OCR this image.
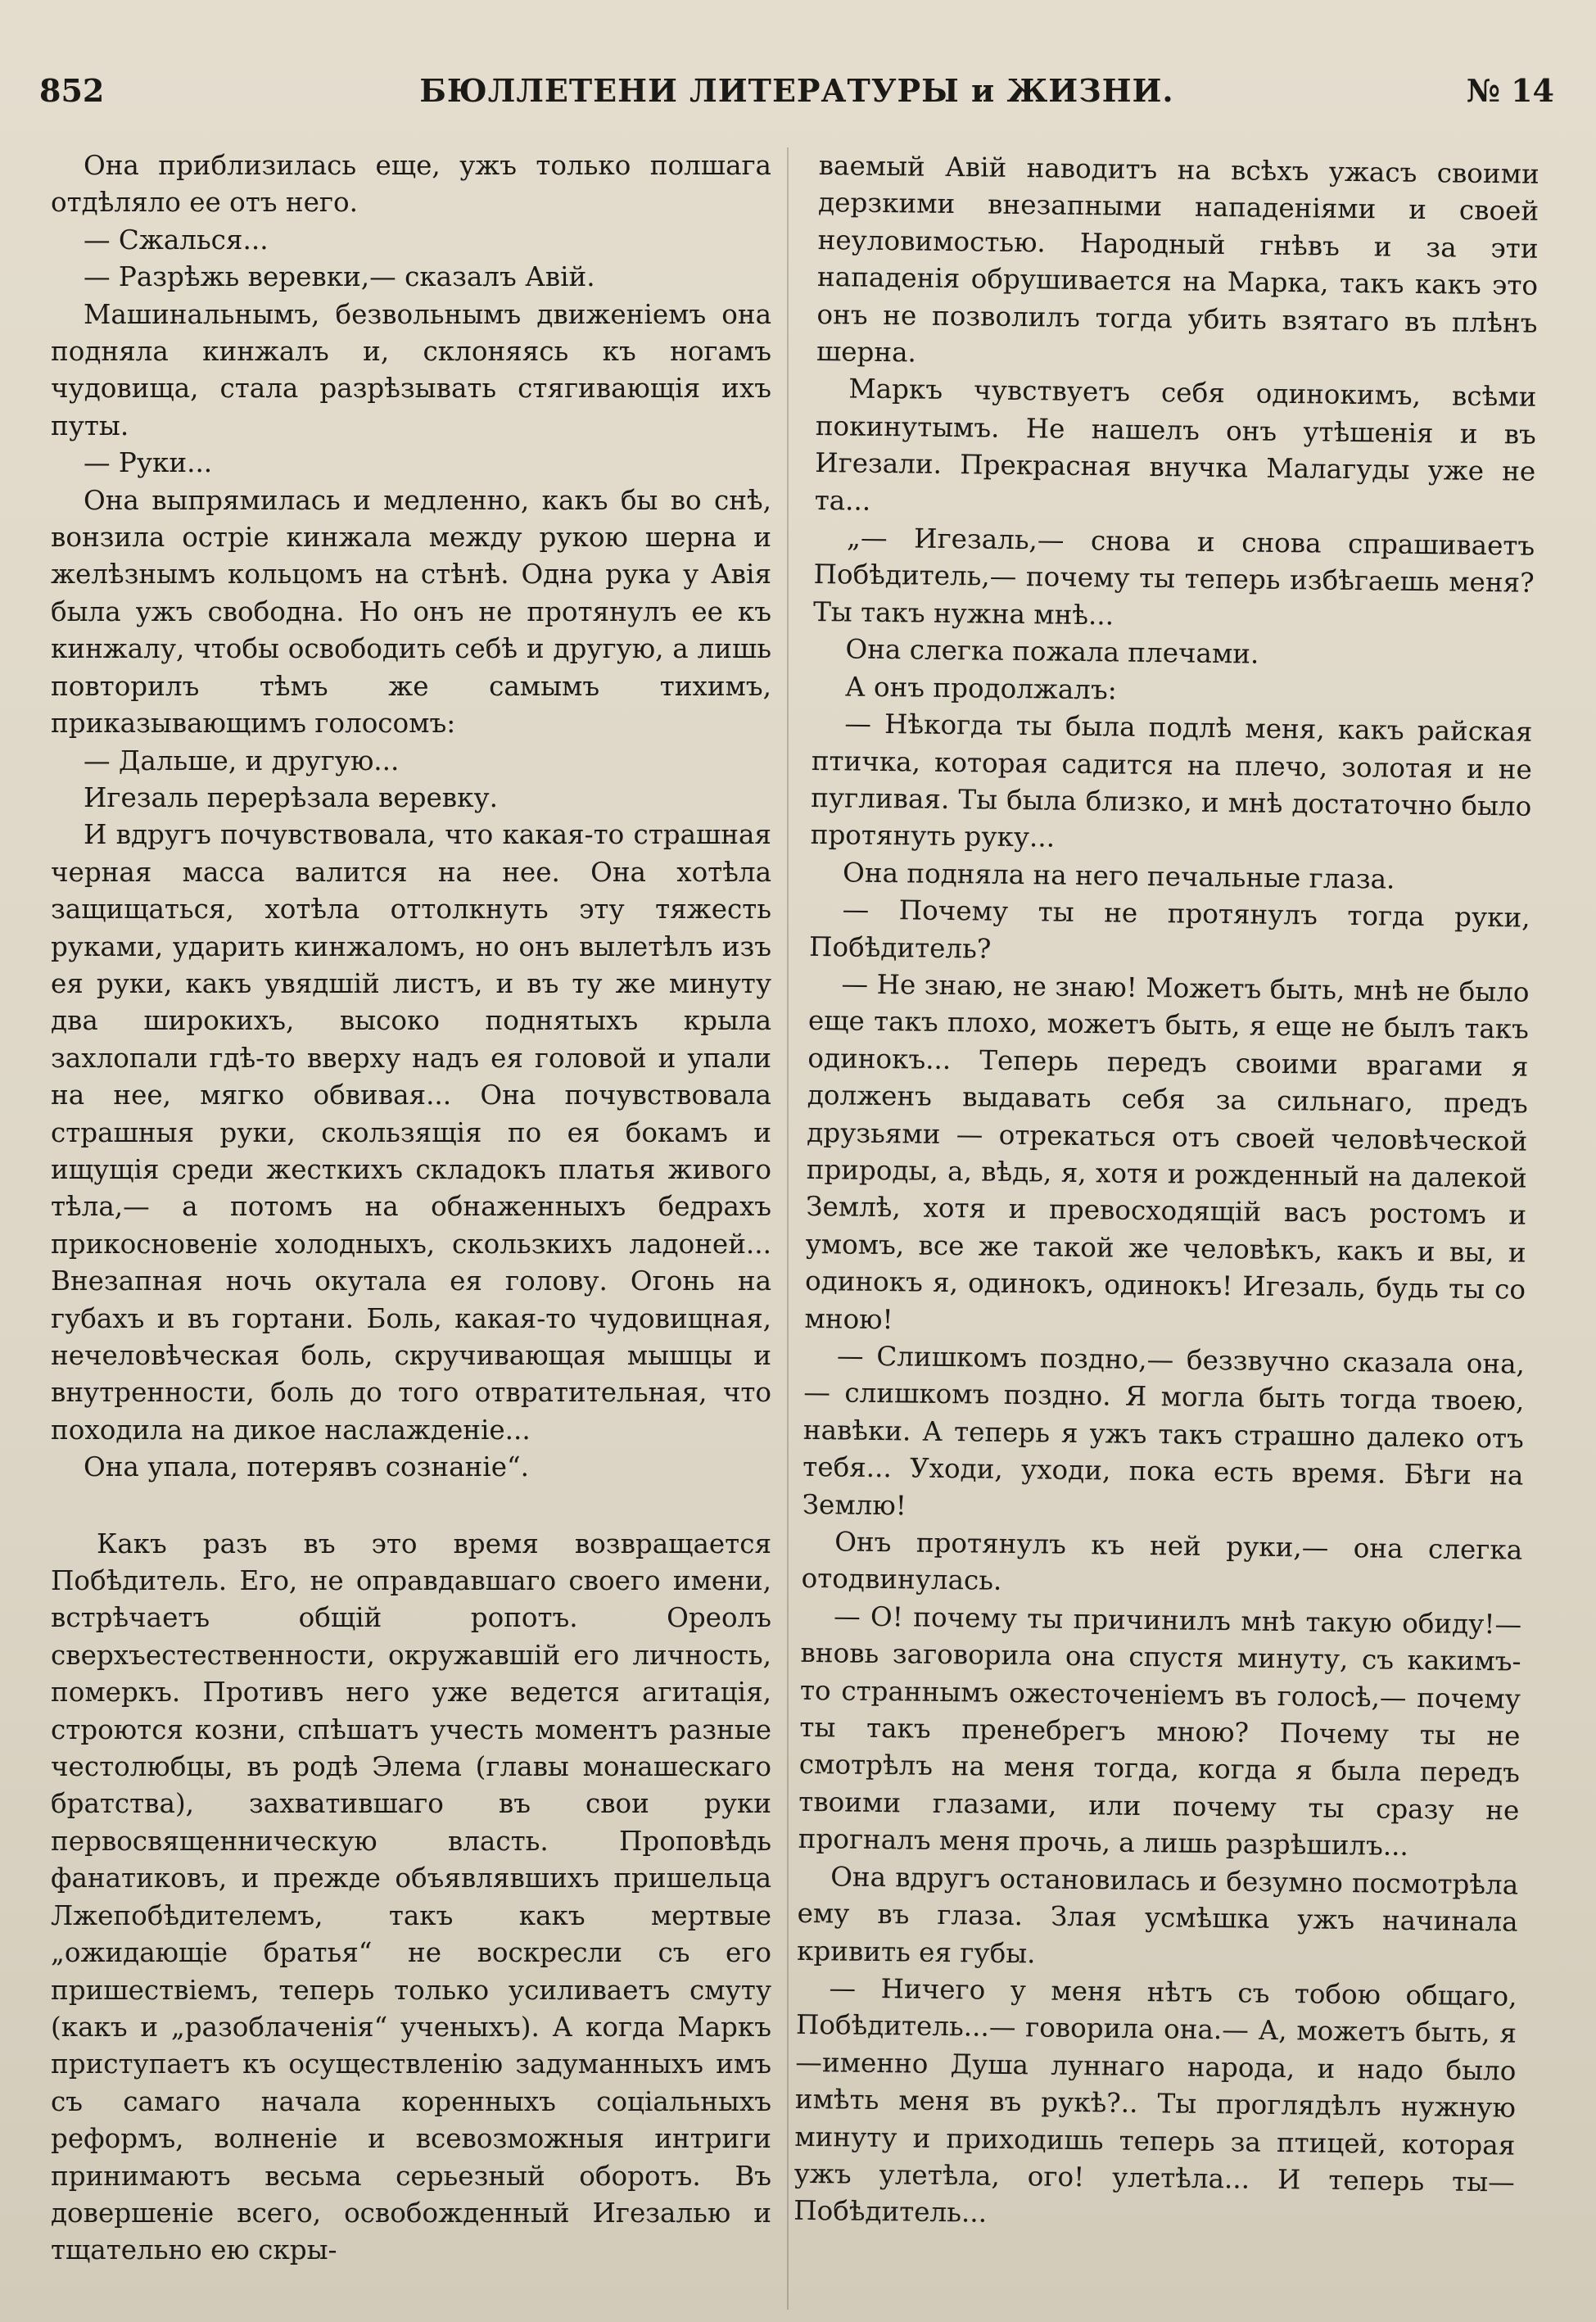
852	БЮЛЛЕТЕНИ ЛИТЕРАТУРЫ и ЖИЗНИ.	№ 14

Она приблизилась еще, ужъ только полшага отдѣляло ее отъ него.

— Сжалься...

— Разрѣжь веревки,— сказалъ Авій.

Машинальнымъ, безвольнымъ движеніемъ она подняла кинжалъ и, склоняясь къ ногамъ чудовища, стала разрѣзывать стягивающія ихъ путы.

— Руки...

Она выпрямилась и медленно, какъ бы во снѣ, вонзила остріе кинжала между рукою шерна и желѣзнымъ кольцомъ на стѣнѣ. Одна рука у Авія была ужъ свободна. Но онъ не протянулъ ее къ кинжалу, чтобы освободить себѣ и другую, а лишь повторилъ тѣмъ же самымъ тихимъ, приказывающимъ голосомъ:

— Дальше, и другую...

Игезаль перерѣзала веревку.

И вдругъ почувствовала, что какая-то страшная черная масса валится на нее. Она хотѣла защищаться, хотѣла оттолкнуть эту тяжесть руками, ударить кинжаломъ, но онъ вылетѣлъ изъ ея руки, какъ увядшій листъ, и въ ту же минуту два широкихъ, высоко поднятыхъ крыла захлопали гдѣ-то вверху надъ ея головой и упали на нее, мягко обвивая... Она почувствовала страшныя руки, скользящія по ея бокамъ и ищущія среди жесткихъ складокъ платья живого тѣла,— а потомъ на обнаженныхъ бедрахъ прикосновеніе холодныхъ, скользкихъ ладоней... Внезапная ночь окутала ея голову. Огонь на губахъ и въ гортани. Боль, какая-то чудовищная, нечеловѣческая боль, скручивающая мышцы и внутренности, боль до того отвратительная, что походила на дикое наслажденіе...

Она упала, потерявъ сознаніе“.

Какъ разъ въ это время возвращается Побѣдитель. Его, не оправдавшаго своего имени, встрѣчаетъ общій ропотъ. Ореолъ сверхъестественности, окружавшій его личность, померкъ. Противъ него уже ведется агитація, строются козни, спѣшатъ учесть моментъ разные честолюбцы, въ родѣ Элема (главы монашескаго братства), захватившаго въ свои руки первосвященническую власть. Проповѣдь фанатиковъ, и прежде объявлявшихъ пришельца Лжепобѣдителемъ, такъ какъ мертвые „ожидающіе братья“ не воскресли съ его пришествіемъ, теперь только усиливаетъ смуту (какъ и „разоблаченія“ ученыхъ). А когда Маркъ приступаетъ къ осуществленію задуманныхъ имъ съ самаго начала коренныхъ соціальныхъ реформъ, волненіе и всевозможныя интриги принимаютъ весьма серьезный оборотъ. Въ довершеніе всего, освобожденный Игезалью и тщательно ею скры-

ваемый Авій наводитъ на всѣхъ ужасъ своими дерзкими внезапными нападеніями и своей неуловимостью. Народный гнѣвъ и за эти нападенія обрушивается на Марка, такъ какъ это онъ не позволилъ тогда убить взятаго въ плѣнъ шерна.

Маркъ чувствуетъ себя одинокимъ, всѣми покинутымъ. Не нашелъ онъ утѣшенія и въ Игезали. Прекрасная внучка Малагуды уже не та...

„— Игезаль,— снова и снова спрашиваетъ Побѣдитель,— почему ты теперь избѣгаешь меня? Ты такъ нужна мнѣ...

Она слегка пожала плечами.

А онъ продолжалъ:

— Нѣкогда ты была подлѣ меня, какъ райская птичка, которая садится на плечо, золотая и не пугливая. Ты была близко, и мнѣ достаточно было протянуть руку...

Она подняла на него печальные глаза.

— Почему ты не протянулъ тогда руки, Побѣдитель?

— Не знаю, не знаю! Можетъ быть, мнѣ не было еще такъ плохо, можетъ быть, я еще не былъ такъ одинокъ... Теперь передъ своими врагами я долженъ выдавать себя за сильнаго, предъ друзьями — отрекаться отъ своей человѣческой природы, а, вѣдь, я, хотя и рожденный на далекой Землѣ, хотя и превосходящій васъ ростомъ и умомъ, все же такой же человѣкъ, какъ и вы, и одинокъ я, одинокъ, одинокъ! Игезаль, будь ты со мною!

— Слишкомъ поздно,— беззвучно сказала она,— слишкомъ поздно. Я могла быть тогда твоею, навѣки. А теперь я ужъ такъ страшно далеко отъ тебя... Уходи, уходи, пока есть время. Бѣги на Землю!

Онъ протянулъ къ ней руки,— она слегка отодвинулась.

— О! почему ты причинилъ мнѣ такую обиду!— вновь заговорила она спустя минуту, съ какимъ-то страннымъ ожесточеніемъ въ голосѣ,— почему ты такъ пренебрегъ мною? Почему ты не смотрѣлъ на меня тогда, когда я была передъ твоими глазами, или почему ты сразу не прогналъ меня прочь, а лишь разрѣшилъ...

Она вдругъ остановилась и безумно посмотрѣла ему въ глаза. Злая усмѣшка ужъ начинала кривить ея губы.

— Ничего у меня нѣтъ съ тобою общаго, Побѣдитель...— говорила она.— А, можетъ быть, я—именно Душа луннаго народа, и надо было имѣть меня въ рукѣ?.. Ты проглядѣлъ нужную минуту и приходишь теперь за птицей, которая ужъ улетѣла, ого! улетѣла... И теперь ты—Побѣдитель...
